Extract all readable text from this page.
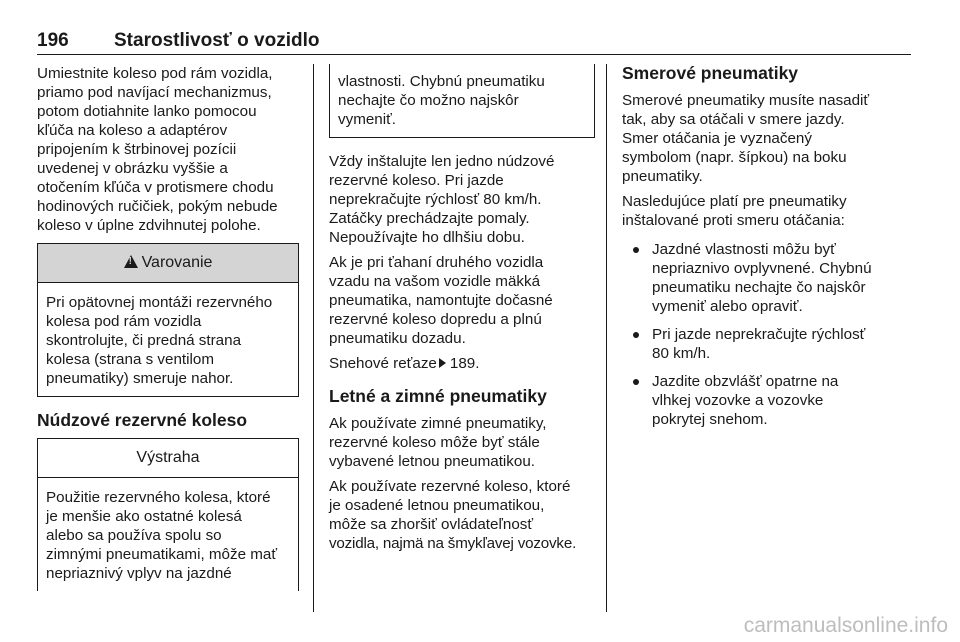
196 Starostlivosť o vozidlo

Umiestnite koleso pod rám vozidla,
priamo pod navíjací mechanizmus,
potom dotiahnite lanko pomocou
kľúča na koleso a adaptérov
pripojením k štrbinovej pozícii
uvedenej v obrázku vyššie a
otočením kľúča v protismere chodu
hodinových ručičiek, pokým nebude
koleso v úplne zdvihnutej polohe.

!Varovanie
Pri opätovnej montáži rezervného
kolesa pod rám vozidla
skontrolujte, či predná strana
kolesa (strana s ventilom
pneumatiky) smeruje nahor.
Núdzové rezervné koleso
Výstraha
Použitie rezervného kolesa, ktoré
je menšie ako ostatné kolesá
alebo sa používa spolu so
zimnými pneumatikami, môže mať
nepriaznivý vplyv na jazdné
vlastnosti. Chybnú pneumatiku
nechajte čo možno najskôr
vymeniť.

Vždy inštalujte len jedno núdzové
rezervné koleso. Pri jazde
neprekračujte rýchlosť 80 km/h.
Zatáčky prechádzajte pomaly.
Nepoužívajte ho dlhšiu dobu.

Ak je pri ťahaní druhého vozidla
vzadu na vašom vozidle mäkká
pneumatika, namontujte dočasné
rezervné koleso dopredu a plnú
pneumatiku dozadu.

Snehové reťaze 189.

Letné a zimné pneumatiky

Ak používate zimné pneumatiky,
rezervné koleso môže byť stále
vybavené letnou pneumatikou.

Ak používate rezervné koleso, ktoré
je osadené letnou pneumatikou,
môže sa zhoršiť ovládateľnosť
vozidla, najmä na šmykľavej vozovke.

Smerové pneumatiky

Smerové pneumatiky musíte nasadiť
tak, aby sa otáčali v smere jazdy.
Smer otáčania je vyznačený
symbolom (napr. šípkou) na boku
pneumatiky.

Nasledujúce platí pre pneumatiky
inštalované proti smeru otáčania:

Jazdné vlastnosti môžu byť
nepriaznivo ovplyvnené. Chybnú
pneumatiku nechajte čo najskôr
vymeniť alebo opraviť.
Pri jazde neprekračujte rýchlosť
80 km/h.
Jazdite obzvlášť opatrne na
vlhkej vozovke a vozovke
pokrytej snehom.
carmanualsonline.info
